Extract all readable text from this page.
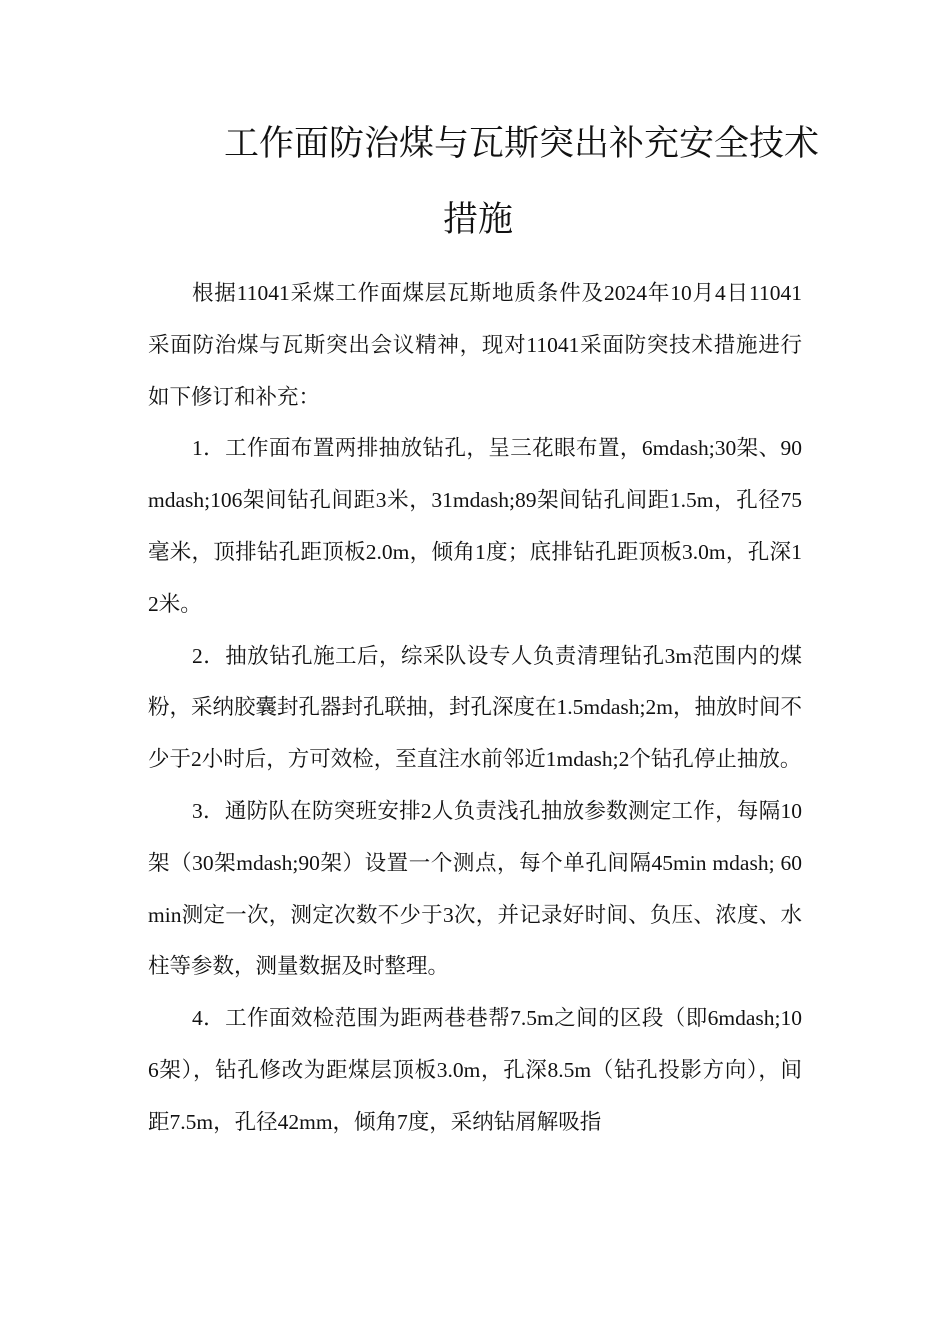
工作面防治煤与瓦斯突出补充安全技术
措施

根据11041采煤工作面煤层瓦斯地质条件及2024年10月4日11041采面防治煤与瓦斯突出会议精神，现对11041采面防突技术措施进行如下修订和补充：

1．工作面布置两排抽放钻孔，呈三花眼布置，6mdash;30架、90mdash;106架间钻孔间距3米，31mdash;89架间钻孔间距1.5m，孔径75毫米，顶排钻孔距顶板2.0m，倾角1度；底排钻孔距顶板3.0m，孔深12米。

2．抽放钻孔施工后，综采队设专人负责清理钻孔3m范围内的煤粉，采纳胶囊封孔器封孔联抽，封孔深度在1.5mdash;2m，抽放时间不少于2小时后，方可效检，至直注水前邻近1mdash;2个钻孔停止抽放。

3．通防队在防突班安排2人负责浅孔抽放参数测定工作，每隔10架（30架mdash;90架）设置一个测点，每个单孔间隔45min mdash; 60min测定一次，测定次数不少于3次，并记录好时间、负压、浓度、水柱等参数，测量数据及时整理。

4．工作面效检范围为距两巷巷帮7.5m之间的区段（即6mdash;106架），钻孔修改为距煤层顶板3.0m，孔深8.5m（钻孔投影方向），间距7.5m，孔径42mm，倾角7度，采纳钻屑解吸指
